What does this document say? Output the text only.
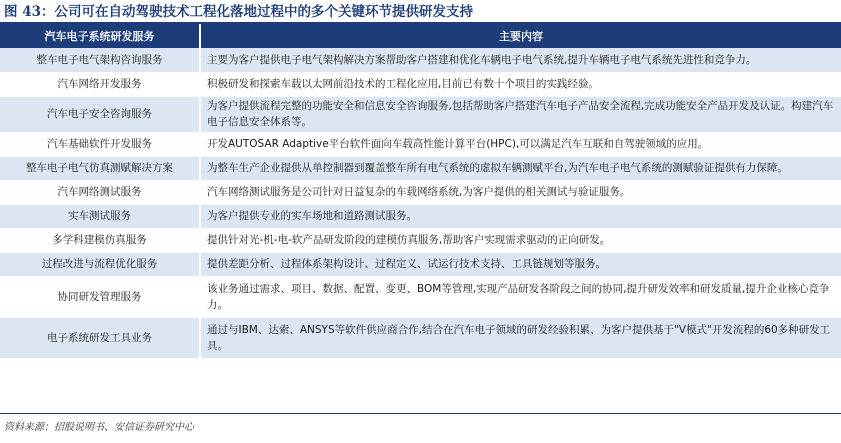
图 43：公司可在自动驾驶技术工程化落地过程中的多个关键环节提供研发支持
汽车电子系统研发服务	主要内容
整车电子电气架构咨询服务	主要为客户提供电子电气架构解决方案帮助客户搭建和优化车辆电子电气系统,提升车辆电子电气系统先进性和竞争力。
汽车网络开发服务	积极研发和探索车载以太网前沿技术的工程化应用,目前已有数十个项目的实践经验。
汽车电子安全咨询服务	为客户提供流程完整的功能安全和信息安全咨询服务,包括帮助客户搭建汽车电子产品安全流程,完成功能安全产品开发及认证。构建汽车电子信息安全体系等。
汽车基础软件开发服务	开发AUTOSAR Adaptive平台软件面向车载高性能计算平台(HPC),可以满足汽车互联和自驾驶领域的应用。
整车电子电气仿真测赋解决方案	为整车生产企业提供从单控制器到覆盖整车所有电气系统的虚拟车辆测赋平台,为汽车电子电气系统的测赋验证提供有力保障。
汽车网络测试服务	汽车网络测试服务是公司针对日益复杂的车载网络系统,为客户提供的相关测试与验证服务。
实车测试服务	为客户提供专业的实车场地和道路测试服务。
多学科建模仿真服务	提供针对光-机-电-软产品研发阶段的建模仿真服务,帮助客户实现需求驱动的正向研发。
过程改进与流程优化服务	提供差距分析、过程体系架构设计、过程定义、试运行技术支持、工具链规划等服务。
协同研发管理服务	该业务通过需求、项目、数据、配置、变更、BOM等管理,实现产品研发各阶段之间的协同,提升研发效率和研发质量,提升企业核心竞争力。
电子系统研发工具业务	通过与IBM、达索、ANSYS等软件供应商合作,结合在汽车电子领域的研发经验积累、为客户提供基于"V模式"开发流程的60多种研发工具。
资料来源：招股说明书、安信证券研究中心
